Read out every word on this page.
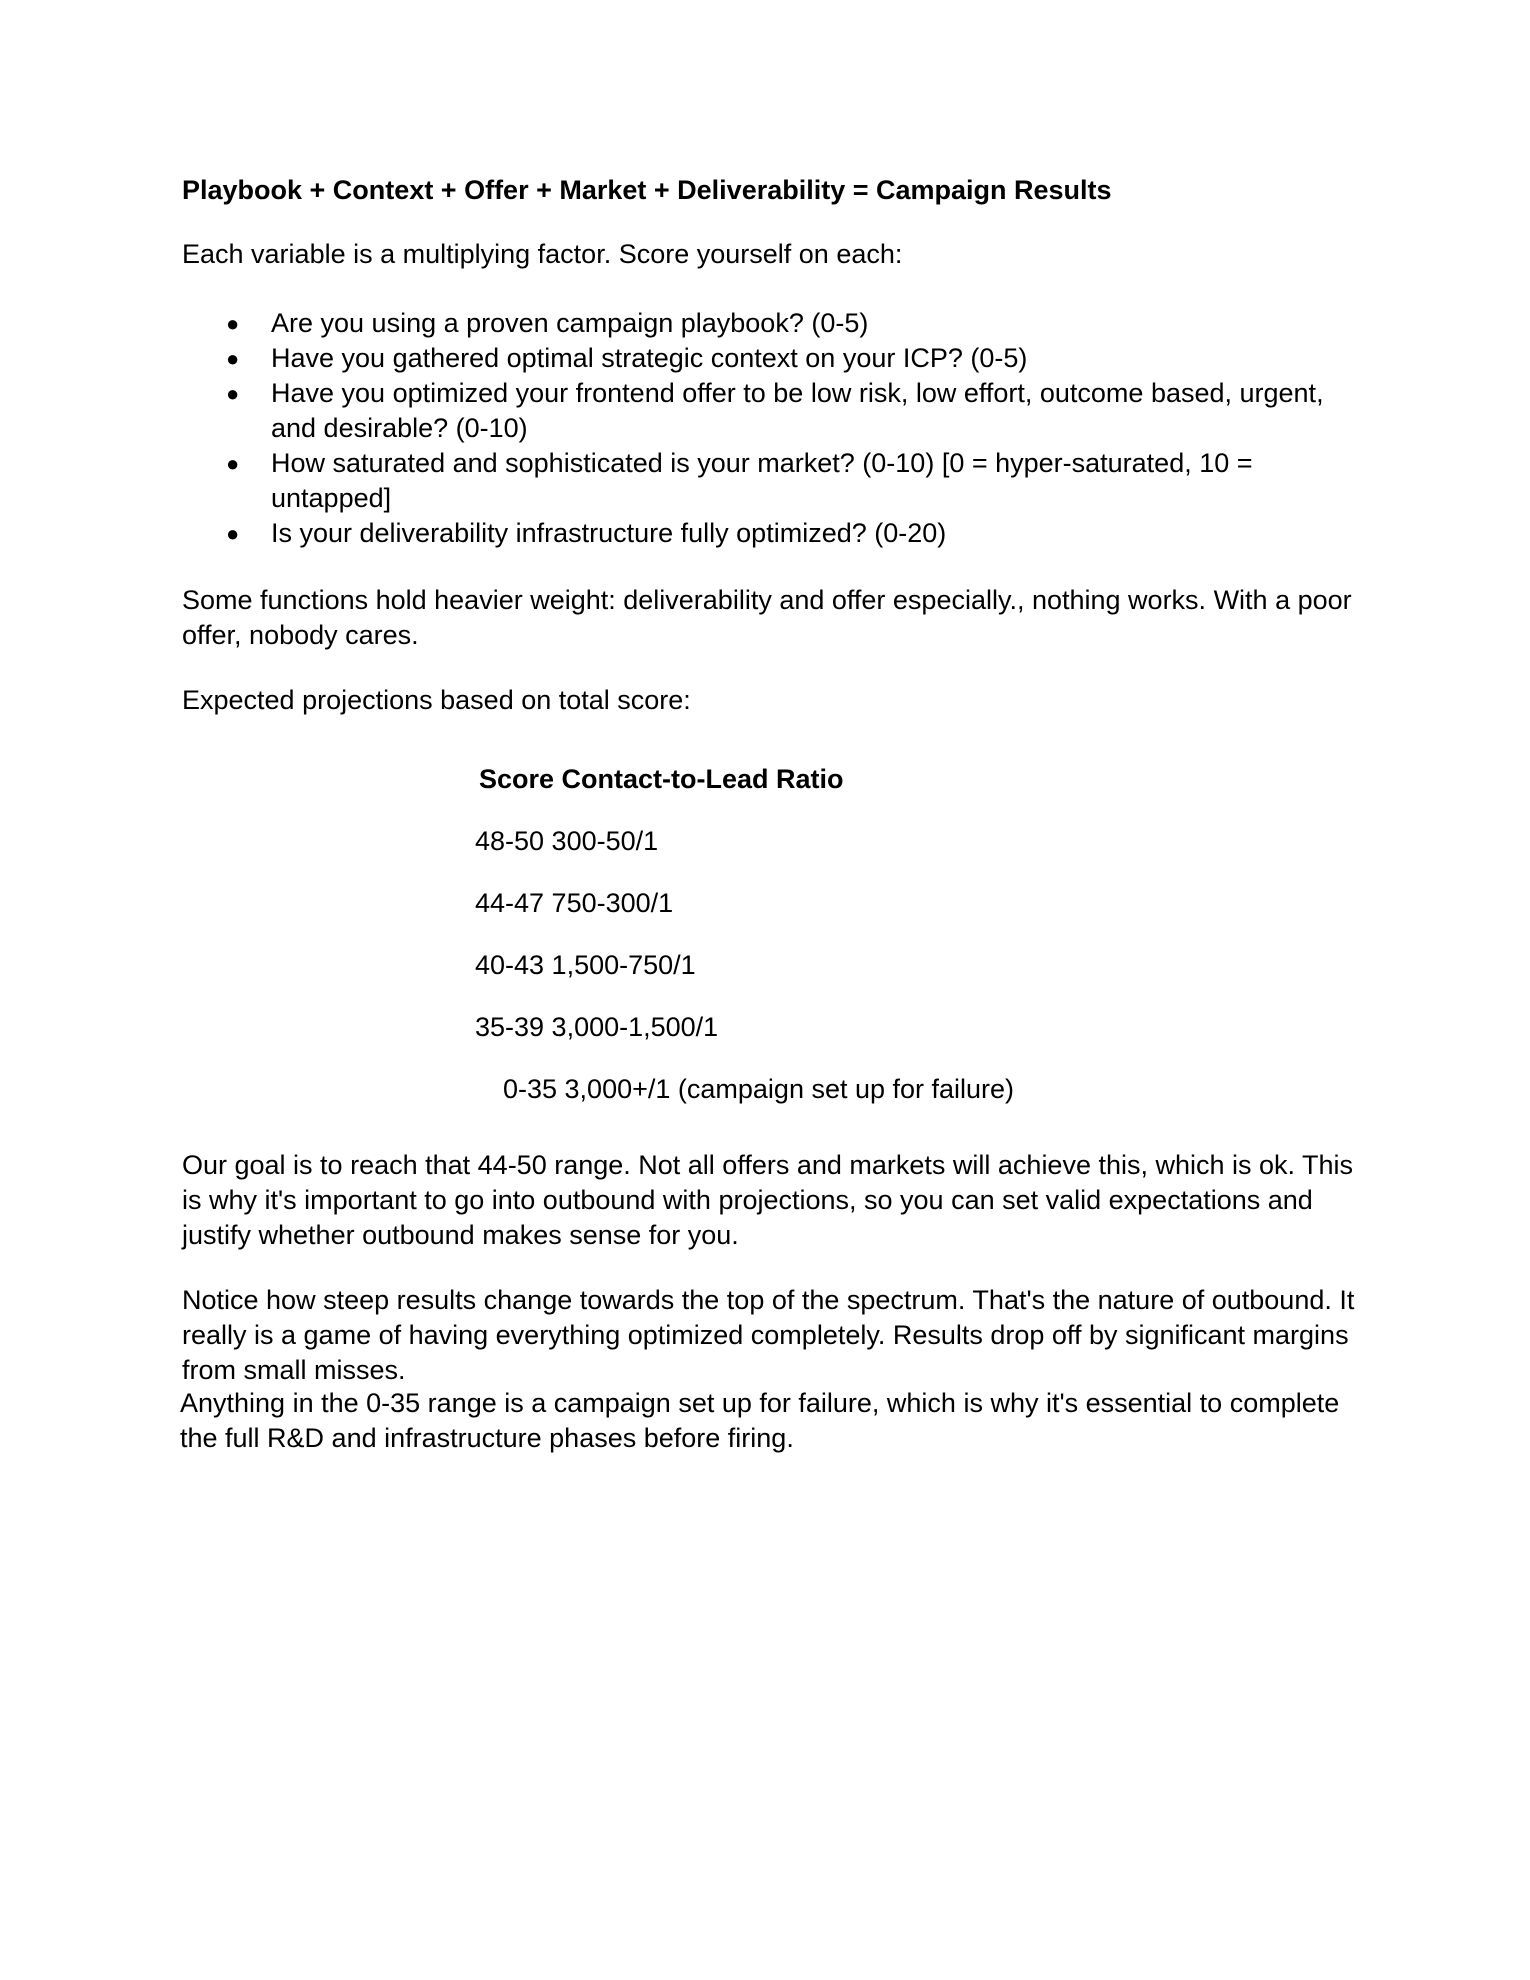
Playbook + Context + Offer + Market + Deliverability = Campaign Results
Each variable is a multiplying factor. Score yourself on each:
● Are you using a proven campaign playbook? (0-5)
● Have you gathered optimal strategic context on your ICP? (0-5)
● Have you optimized your frontend offer to be low risk, low effort, outcome based, urgent, and desirable? (0-10)
● How saturated and sophisticated is your market? (0-10) [0 = hyper-saturated, 10 = untapped]
● Is your deliverability infrastructure fully optimized? (0-20)
Some functions hold heavier weight: deliverability and offer especially., nothing works. With a poor offer, nobody cares.
Expected projections based on total score:
Score Contact-to-Lead Ratio
48-50 300-50/1
44-47 750-300/1
40-43 1,500-750/1
35-39 3,000-1,500/1
0-35 3,000+/1 (campaign set up for failure)
Our goal is to reach that 44-50 range. Not all offers and markets will achieve this, which is ok. This is why it's important to go into outbound with projections, so you can set valid expectations and justify whether outbound makes sense for you.
Notice how steep results change towards the top of the spectrum. That's the nature of outbound. It really is a game of having everything optimized completely. Results drop off by significant margins from small misses.
Anything in the 0-35 range is a campaign set up for failure, which is why it's essential to complete the full R&D and infrastructure phases before firing.
